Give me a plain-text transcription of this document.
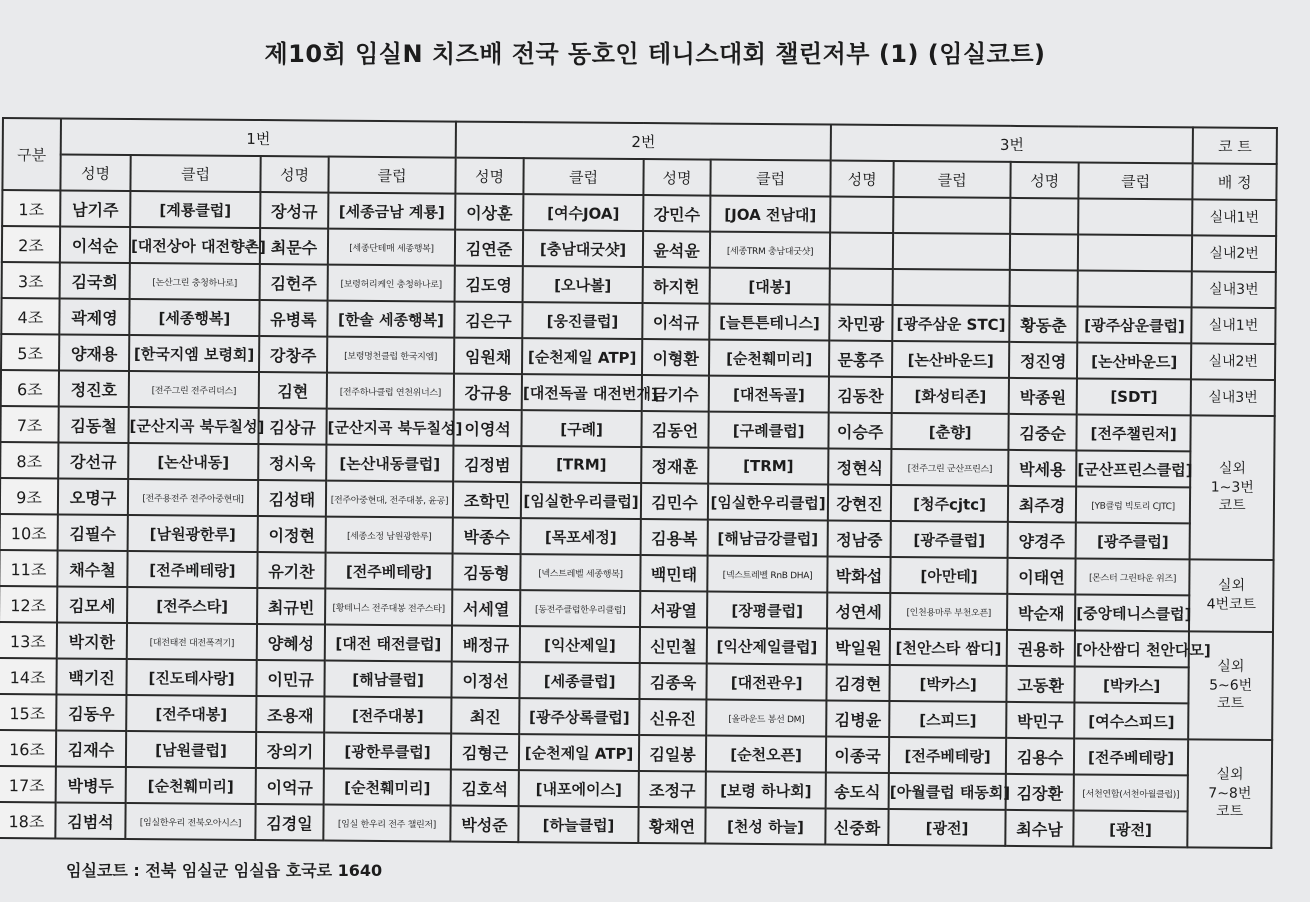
제10회 임실N 치즈배 전국 동호인 테니스대회 챌린저부 (1) (임실코트)
구분	1번				2번				3번				코 트
	성명	클럽	성명	클럽	성명	클럽	성명	클럽	성명	클럽	성명	클럽	배 정
1조	남기주	[계룡클럽]	장성규	[세종금남 계룡]	이상훈	[여수JOA]	강민수	[JOA 전남대]					실내1번

2조	이석순	[대전상아 대전향촌]	최문수	[세종단테매 세종행복]	김연준	[충남대굿샷]	윤석윤	[세종TRM 충남대굿샷]					실내2번

3조	김국희	[논산그린 충청하나로]	김헌주	[보령허리케인 충청하나로]	김도영	[오나볼]	하지헌	[대봉]					실내3번

4조	곽제영	[세종행복]	유병록	[한솔 세종행복]	김은구	[웅진클럽]	이석규	[늘튼튼테니스]	차민광	[광주삼운 STC]	황동춘	[광주삼운클럽]	실내1번

5조	양재용	[한국지엠 보령회]	강창주	[보령명천클럽 한국지엠]	임원채	[순천제일 ATP]	이형환	[순천훼미리]	문홍주	[논산바운드]	정진영	[논산바운드]	실내2번

6조	정진호	[전주그린 전주리더스]	김현	[전주하나클럽 연천위너스]	강규용	[대전독골 대전번개]	금기수	[대전독골]	김동찬	[화성티존]	박종원	[SDT]	실내3번

7조	김동철	[군산지곡 북두칠성]	김상규	[군산지곡 북두칠성]	이영석	[구례]	김동언	[구례클럽]	이승주	[춘향]	김중순	[전주챌린저]	실외
1~3번
코트

8조	강선규	[논산내동]	정시욱	[논산내동클럽]	김정범	[TRM]	정재훈	[TRM]	정현식	[전주그린 군산프린스]	박세용	[군산프린스클럽]	
9조	오명구	[전주용전주 전주아중현대]	김성태	[전주아중현대, 전주대봉, 윤공]	조학민	[임실한우리클럽]	김민수	[임실한우리클럽]	강현진	[청주cjtc]	최주경	[YB클럽 빅토리 CJTC]	
10조	김필수	[남원광한루]	이정현	[세종소정 남원광한루]	박종수	[목포세정]	김용복	[해남금강클럽]	정남중	[광주클럽]	양경주	[광주클럽]	
11조	채수철	[전주베테랑]	유기찬	[전주베테랑]	김동형	[넥스트레벨 세종행복]	백민태	[넥스트레벨 RnB DHA]	박화섭	[아만테]	이태연	[몬스터 그린타운 위즈]	실외
4번코트

12조	김모세	[전주스타]	최규빈	[황테니스 전주대봉 전주스타]	서세열	[동전주클럽한우리클럽]	서광열	[장평클럽]	성연세	[인천용마루 부천오픈]	박순재	[중앙테니스클럽]	
13조	박지한	[대전태전 대전폭격기]	양혜성	[대전 태전클럽]	배정규	[익산제일]	신민철	[익산제일클럽]	박일원	[천안스타 쌈디]	권용하	[아산쌈디 천안다모]	실외
5~6번
코트

14조	백기진	[진도테사랑]	이민규	[해남클럽]	이정선	[세종클럽]	김종욱	[대전관우]	김경현	[박카스]	고동환	[박카스]	
15조	김동우	[전주대봉]	조용재	[전주대봉]	최진	[광주상록클럽]	신유진	[올라운드 봉선 DM]	김병윤	[스피드]	박민구	[여수스피드]	
16조	김재수	[남원클럽]	장의기	[광한루클럽]	김형근	[순천제일 ATP]	김일봉	[순천오픈]	이종국	[전주베테랑]	김용수	[전주베테랑]	실외
7~8번
코트

17조	박병두	[순천훼미리]	이억규	[순천훼미리]	김호석	[내포에이스]	조정구	[보령 하나회]	송도식	[아월클럽 태동회]	김장환	[서천연합(서천아월클럽)]	
18조	김범석	[임실한우리 전북오아시스]	김경일	[임실 한우리 전주 챌린저]	박성준	[하늘클럽]	황채연	[천성 하늘]	신중화	[광전]	최수남	[광전]	
임실코트 : 전북 임실군 임실읍 호국로 1640
